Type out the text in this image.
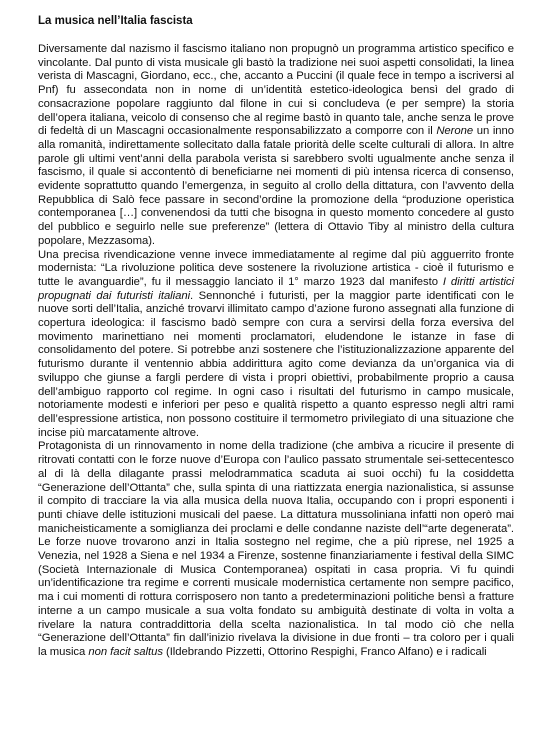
La musica nell’Italia fascista

Diversamente dal nazismo il fascismo italiano non propugnò un programma artistico specifico e vincolante. Dal punto di vista musicale gli bastò la tradizione nei suoi aspetti consolidati, la linea verista di Mascagni, Giordano, ecc., che, accanto a Puccini (il quale fece in tempo a iscriversi al Pnf) fu assecondata non in nome di un’identità estetico-ideologica bensì del grado di consacrazione popolare raggiunto dal filone in cui si concludeva (e per sempre) la storia dell’opera italiana, veicolo di consenso che al regime bastò in quanto tale, anche senza le prove di fedeltà di un Mascagni occasionalmente responsabilizzato a comporre con il Nerone un inno alla romanità, indirettamente sollecitato dalla fatale priorità delle scelte culturali di allora. In altre parole gli ultimi vent’anni della parabola verista si sarebbero svolti ugualmente anche senza il fascismo, il quale si accontentò di beneficiarne nei momenti di più intensa ricerca di consenso, evidente soprattutto quando l’emergenza, in seguito al crollo della dittatura, con l’avvento della Repubblica di Salò fece passare in second’ordine la promozione della “produzione operistica contemporanea […] convenendosi da tutti che bisogna in questo momento concedere al gusto del pubblico e seguirlo nelle sue preferenze” (lettera di Ottavio Tiby al ministro della cultura popolare, Mezzasoma).

Una precisa rivendicazione venne invece immediatamente al regime dal più agguerrito fronte modernista: “La rivoluzione politica deve sostenere la rivoluzione artistica - cioè il futurismo e tutte le avanguardie”, fu il messaggio lanciato il 1° marzo 1923 dal manifesto I diritti artistici propugnati dai futuristi italiani. Sennonché i futuristi, per la maggior parte identificati con le nuove sorti dell’Italia, anziché trovarvi illimitato campo d’azione furono assegnati alla funzione di copertura ideologica: il fascismo badò sempre con cura a servirsi della forza eversiva del movimento marinettiano nei momenti proclamatori, eludendone le istanze in fase di consolidamento del potere. Si potrebbe anzi sostenere che l’istituzionalizzazione apparente del futurismo durante il ventennio abbia addirittura agito come devianza da un’organica via di sviluppo che giunse a fargli perdere di vista i propri obiettivi, probabilmente proprio a causa dell’ambiguo rapporto col regime. In ogni caso i risultati del futurismo in campo musicale, notoriamente modesti e inferiori per peso e qualità rispetto a quanto espresso negli altri rami dell’espressione artistica, non possono costituire il termometro privilegiato di una situazione che incise più marcatamente altrove.

Protagonista di un rinnovamento in nome della tradizione (che ambiva a ricucire il presente di ritrovati contatti con le forze nuove d’Europa con l’aulico passato strumentale sei-settecentesco al di là della dilagante prassi melodrammatica scaduta ai suoi occhi) fu la cosiddetta “Generazione dell’Ottanta” che, sulla spinta di una riattizzata energia nazionalistica, si assunse il compito di tracciare la via alla musica della nuova Italia, occupando con i propri esponenti i punti chiave delle istituzioni musicali del paese. La dittatura mussoliniana infatti non operò mai manicheisticamente a somiglianza dei proclami e delle condanne naziste dell’“arte degenerata”. Le forze nuove trovarono anzi in Italia sostegno nel regime, che a più riprese, nel 1925 a Venezia, nel 1928 a Siena e nel 1934 a Firenze, sostenne finanziariamente i festival della SIMC (Società Internazionale di Musica Contemporanea) ospitati in casa propria. Vi fu quindi un’identificazione tra regime e correnti musicale modernistica certamente non sempre pacifico, ma i cui momenti di rottura corrisposero non tanto a predeterminazioni politiche bensì a fratture interne a un campo musicale a sua volta fondato su ambiguità destinate di volta in volta a rivelare la natura contraddittoria della scelta nazionalistica. In tal modo ciò che nella “Generazione dell’Ottanta” fin dall’inizio rivelava la divisione in due fronti – tra coloro per i quali la musica non facit saltus (Ildebrando Pizzetti, Ottorino Respighi, Franco Alfano) e i radicali
